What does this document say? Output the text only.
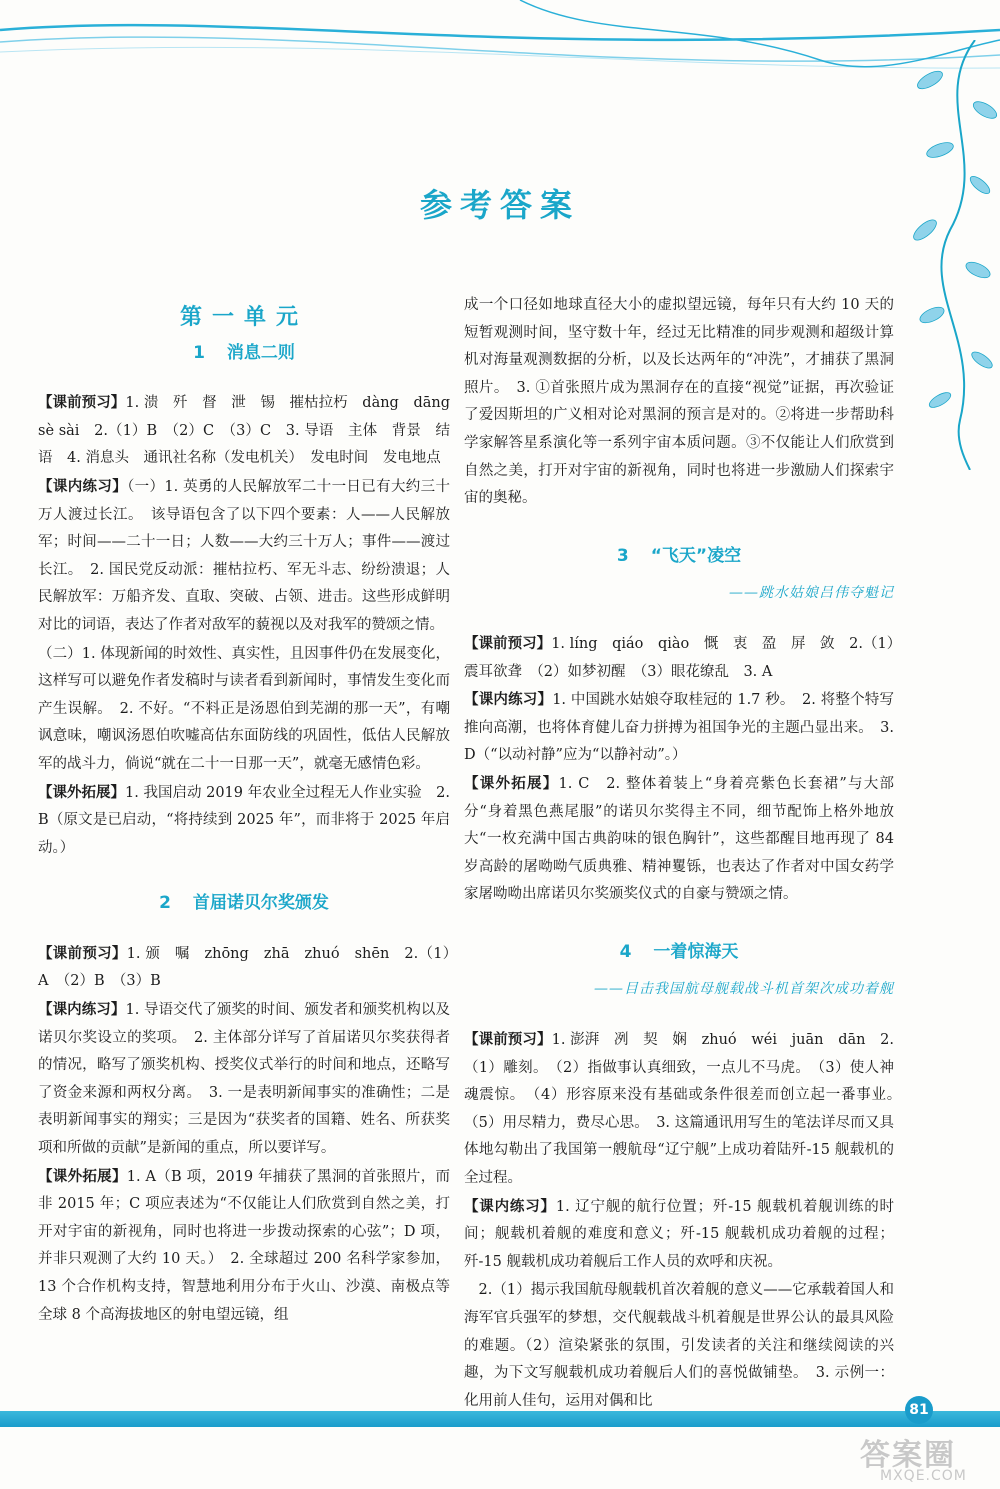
参考答案
第一单元
1 消息二则

【课前预习】1. 溃　歼　督　泄　锡　摧枯拉朽　dàng　dāng sè sài　2.（1）B　（2）C　（3）C　3. 导语　主体　背景　结语　4. 消息头　通讯社名称（发电机关）　发电时间　发电地点

【课内练习】（一）1. 英勇的人民解放军二十一日已有大约三十万人渡过长江。　该导语包含了以下四个要素：人——人民解放军；时间——二十一日；人数——大约三十万人；事件——渡过长江。　2. 国民党反动派：摧枯拉朽、军无斗志、纷纷溃退；人民解放军：万船齐发、直取、突破、占领、进击。这些形成鲜明对比的词语，表达了作者对敌军的藐视以及对我军的赞颂之情。

（二）1. 体现新闻的时效性、真实性，且因事件仍在发展变化，这样写可以避免作者发稿时与读者看到新闻时，事情发生变化而产生误解。　2. 不好。“不料正是汤恩伯到芜湖的那一天”，有嘲讽意味，嘲讽汤恩伯吹嘘高估东面防线的巩固性，低估人民解放军的战斗力，倘说“就在二十一日那一天”，就毫无感情色彩。

【课外拓展】1. 我国启动 2019 年农业全过程无人作业实验　2. B（原文是已启动，“将持续到 2025 年”，而非将于 2025 年启动。）

2 首届诺贝尔奖颁发

【课前预习】1. 颁　嘱　zhōng　zhā　zhuó　shēn　2.（1）A　（2）B　（3）B

【课内练习】1. 导语交代了颁奖的时间、颁发者和颁奖机构以及诺贝尔奖设立的奖项。　2. 主体部分详写了首届诺贝尔奖获得者的情况，略写了颁奖机构、授奖仪式举行的时间和地点，还略写了资金来源和两权分离。　3. 一是表明新闻事实的准确性；二是表明新闻事实的翔实；三是因为“获奖者的国籍、姓名、所获奖项和所做的贡献”是新闻的重点，所以要详写。

【课外拓展】1. A（B 项，2019 年捕获了黑洞的首张照片，而非 2015 年；C 项应表述为“不仅能让人们欣赏到自然之美，打开对宇宙的新视角，同时也将进一步拨动探索的心弦”；D 项，并非只观测了大约 10 天。）　2. 全球超过 200 名科学家参加，13 个合作机构支持，智慧地利用分布于火山、沙漠、南极点等全球 8 个高海拔地区的射电望远镜，组

成一个口径如地球直径大小的虚拟望远镜，每年只有大约 10 天的短暂观测时间，坚守数十年，经过无比精准的同步观测和超级计算机对海量观测数据的分析，以及长达两年的“冲洗”，才捕获了黑洞照片。　3. ①首张照片成为黑洞存在的直接“视觉”证据，再次验证了爱因斯坦的广义相对论对黑洞的预言是对的。②将进一步帮助科学家解答星系演化等一系列宇宙本质问题。③不仅能让人们欣赏到自然之美，打开对宇宙的新视角，同时也将进一步激励人们探索宇宙的奥秘。

3 “飞天”凌空
——跳水姑娘吕伟夺魁记

【课前预习】1. líng　qiáo　qiào　慨　衷　盈　屏　敛　2.（1）震耳欲聋　（2）如梦初醒　（3）眼花缭乱　3. A

【课内练习】1. 中国跳水姑娘夺取桂冠的 1.7 秒。　2. 将整个特写推向高潮，也将体育健儿奋力拼搏为祖国争光的主题凸显出来。　3. D（“以动衬静”应为“以静衬动”。）

【课外拓展】1. C　2. 整体着装上“身着亮紫色长套裙”与大部分“身着黑色燕尾服”的诺贝尔奖得主不同，细节配饰上格外地放大“一枚充满中国古典韵味的银色胸针”，这些都醒目地再现了 84 岁高龄的屠呦呦气质典雅、精神矍铄，也表达了作者对中国女药学家屠呦呦出席诺贝尔奖颁奖仪式的自豪与赞颂之情。

4 一着惊海天
——目击我国航母舰载战斗机首架次成功着舰

【课前预习】1. 澎湃　冽　契　娴　zhuó　wéi　juān　dān　2.（1）雕刻。　（2）指做事认真细致，一点儿不马虎。　（3）使人神魂震惊。　（4）形容原来没有基础或条件很差而创立起一番事业。　（5）用尽精力，费尽心思。　3. 这篇通讯用写生的笔法详尽而又具体地勾勒出了我国第一艘航母“辽宁舰”上成功着陆歼-15 舰载机的全过程。

【课内练习】1. 辽宁舰的航行位置；歼-15 舰载机着舰训练的时间；舰载机着舰的难度和意义；歼-15 舰载机成功着舰的过程；歼-15 舰载机成功着舰后工作人员的欢呼和庆祝。

　2.（1）揭示我国航母舰载机首次着舰的意义——它承载着国人和海军官兵强军的梦想，交代舰载战斗机着舰是世界公认的最具风险的难题。（2）渲染紧张的氛围，引发读者的关注和继续阅读的兴趣，为下文写舰载机成功着舰后人们的喜悦做铺垫。　3. 示例一：化用前人佳句，运用对偶和比

81
答案圈
MXQE.COM
